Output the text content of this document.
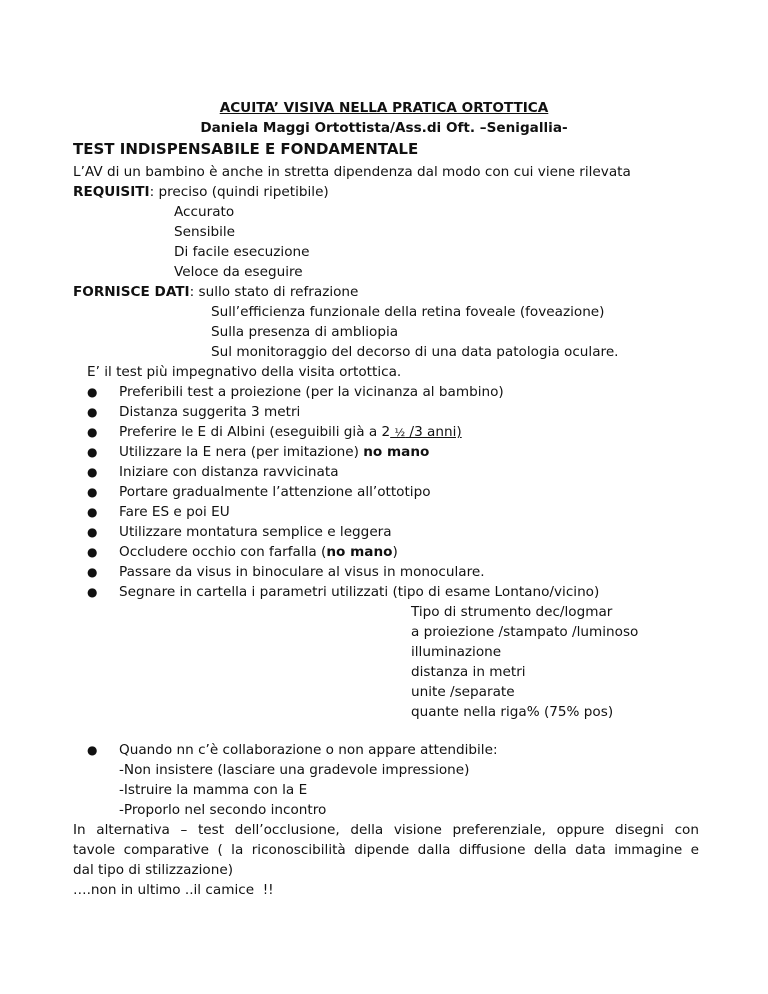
ACUITA’ VISIVA NELLA PRATICA ORTOTTICA
Daniela Maggi Ortottista/Ass.di Oft. –Senigallia-
TEST INDISPENSABILE E FONDAMENTALE
L’AV di un bambino è anche in stretta dipendenza dal modo con cui viene rilevata
REQUISITI: preciso (quindi ripetibile)
Accurato
Sensibile
Di facile esecuzione
Veloce da eseguire
FORNISCE DATI: sullo stato di refrazione
Sull’efficienza funzionale della retina foveale (foveazione)
Sulla presenza di ambliopia
Sul monitoraggio del decorso di una data patologia oculare.
E’ il test più impegnativo della visita ortottica.
● Preferibili test a proiezione (per la vicinanza al bambino)
● Distanza suggerita 3 metri
● Preferire le E di Albini (eseguibili già a 2 ½ /3 anni)
● Utilizzare la E nera (per imitazione) no mano
● Iniziare con distanza ravvicinata
● Portare gradualmente l’attenzione all’ottotipo
● Fare ES e poi EU
● Utilizzare montatura semplice e leggera
● Occludere occhio con farfalla (no mano)
● Passare da visus in binoculare al visus in monoculare.
● Segnare in cartella i parametri utilizzati (tipo di esame Lontano/vicino)
Tipo di strumento dec/logmar
a proiezione /stampato /luminoso
illuminazione
distanza in metri
unite /separate
quante nella riga% (75% pos)
● Quando nn c’è collaborazione o non appare attendibile:
-Non insistere (lasciare una gradevole impressione)
-Istruire la mamma con la E
-Proporlo nel secondo incontro
In alternativa – test dell’occlusione, della visione preferenziale, oppure disegni con
tavole comparative ( la riconoscibilità dipende dalla diffusione della data immagine e
dal tipo di stilizzazione)
….non in ultimo ..il camice  !!
